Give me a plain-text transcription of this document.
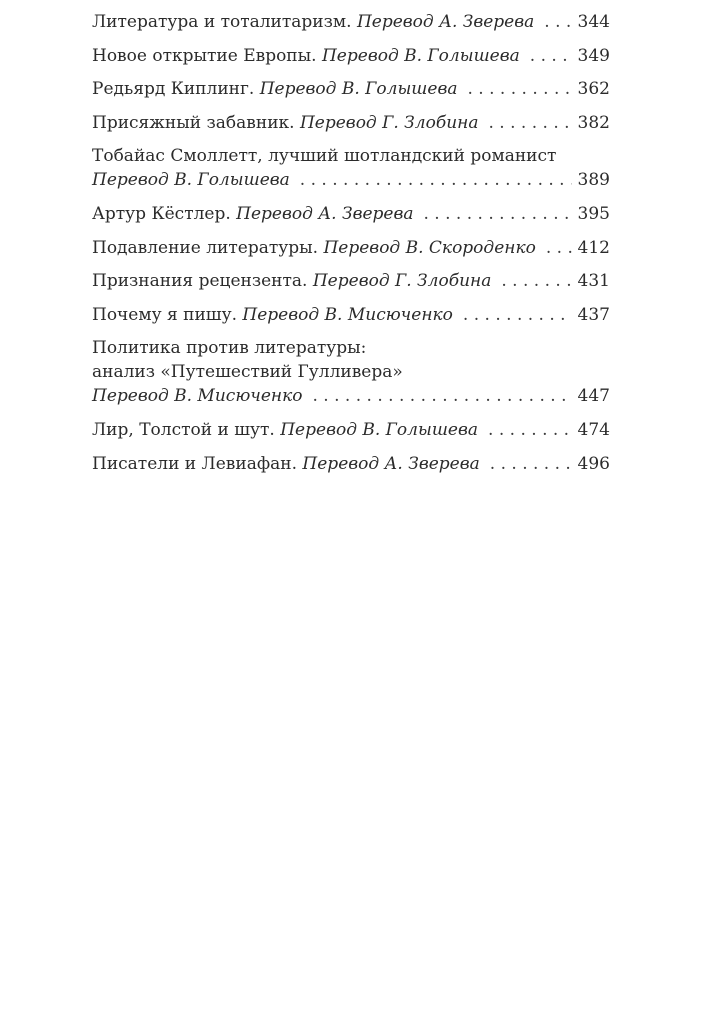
Литература и тоталитаризм.
Перевод А. Зверева . . .	344
Новое открытие Европы.
Перевод В. Голышева . . .	349
Редьярд Киплинг.
Перевод В. Голышева . . .	362
Присяжный забавник.
Перевод Г. Злобина . . .	382
Тобайас Смоллетт, лучший шотландский романист
Перевод В. Голышева . . .	389
Артур Кёстлер.
Перевод А. Зверева . . .	395
Подавление литературы.
Перевод В. Скороденко . . . 412
Признания рецензента.
Перевод Г. Злобина . . .	431
Почему я пишу.
Перевод В. Мисюченко . . .	437
Политика против литературы:
анализ «Путешествий Гулливера»
Перевод В. Мисюченко . . .	447
Лир, Толстой и шут.
Перевод В. Голышева . . .	474
Писатели и Левиафан.
Перевод А. Зверева . . .	496
